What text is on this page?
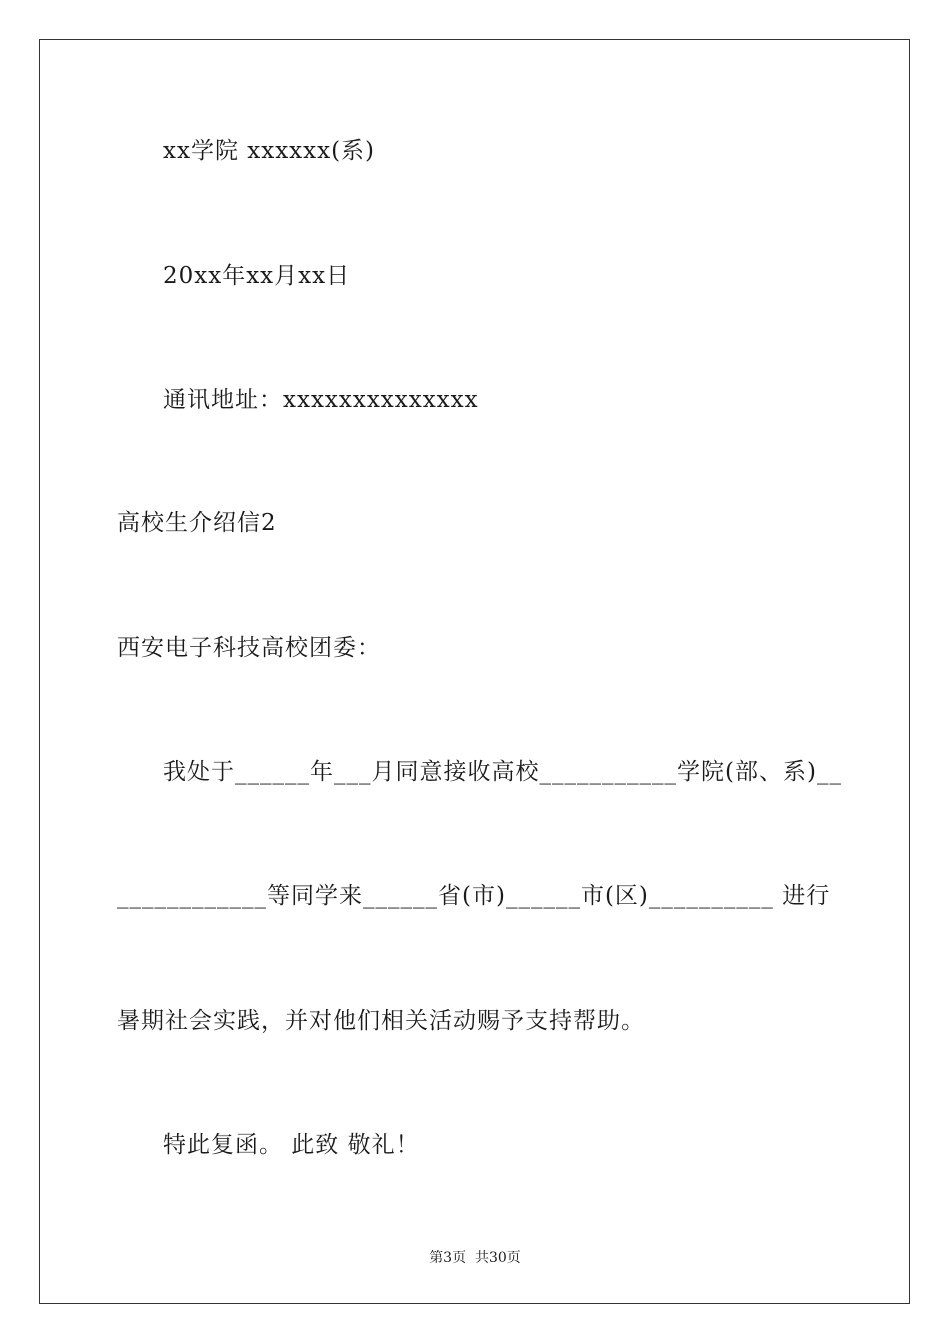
xx学院 xxxxxx(系)
20xx年xx月xx日
通讯地址：xxxxxxxxxxxxxx
高校生介绍信2
西安电子科技高校团委：
我处于______年___月同意接收高校___________学院(部、系)__
____________等同学来______省(市)______市(区)__________ 进行
暑期社会实践，并对他们相关活动赐予支持帮助。
特此复函。 此致 敬礼！
第3页  共30页
